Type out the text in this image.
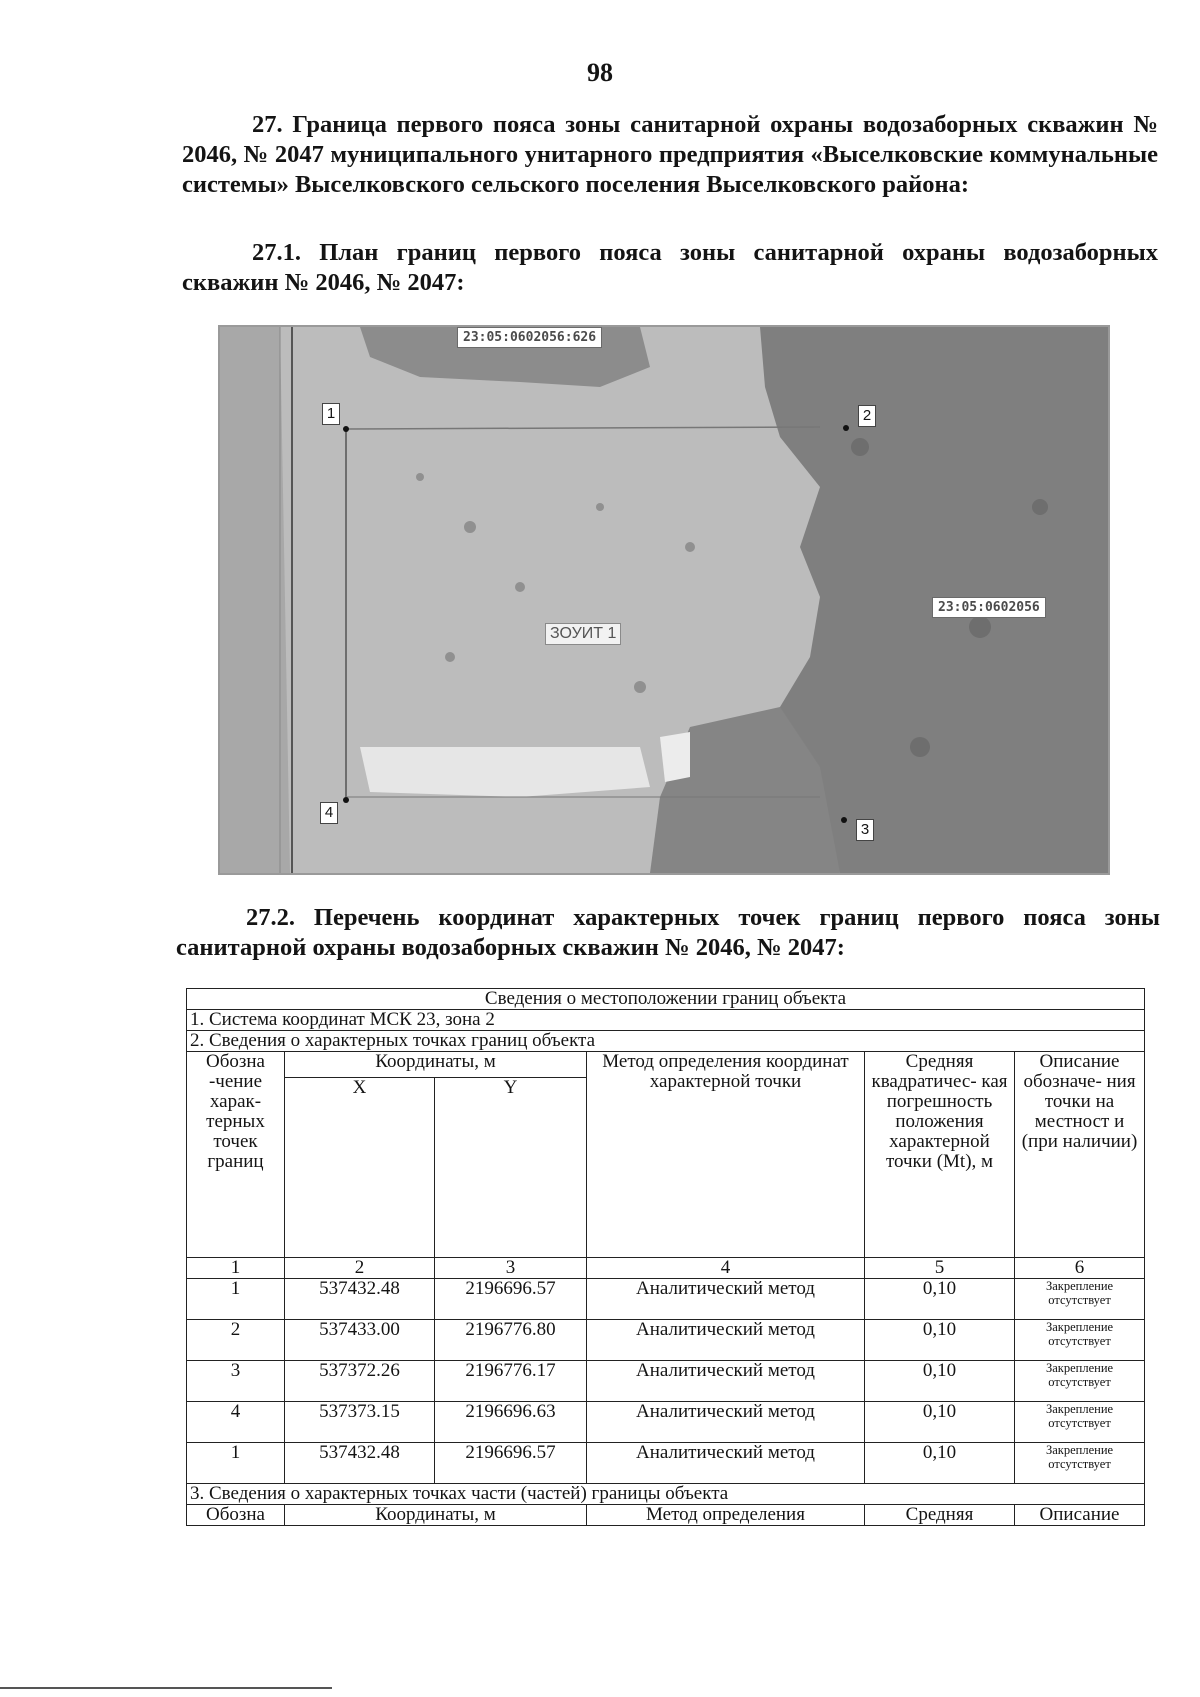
98

27. Граница первого пояса зоны санитарной охраны водозаборных скважин № 2046, № 2047 муниципального унитарного предприятия «Выселковские коммунальные системы» Выселковского сельского поселения Выселковского района:

27.1. План границ первого пояса зоны санитарной охраны водозаборных скважин № 2046, № 2047:

23:05:0602056:626
23:05:0602056
ЗОУИТ 1
1	2
3
4

27.2. Перечень координат характерных точек границ первого пояса зоны санитарной охраны водозаборных скважин № 2046, № 2047:

Сведения о местоположении границ объекта					
1. Система координат МСК 23, зона 2					
2. Сведения о характерных точках границ объекта					
Обозна -чение харак- терных точек границ	Координаты, м		Метод определения координат характерной точки	Средняя квадратичес- кая погрешность положения характерной точки (Mt), м	Описание обозначе- ния точки на местност и (при наличии)
	X	Y			
1	2	3	4	5	6
1	537432.48	2196696.57	Аналитический метод	0,10	Закрепление отсутствует
2	537433.00	2196776.80	Аналитический метод	0,10	Закрепление отсутствует
3	537372.26	2196776.17	Аналитический метод	0,10	Закрепление отсутствует
4	537373.15	2196696.63	Аналитический метод	0,10	Закрепление отсутствует
1	537432.48	2196696.57	Аналитический метод	0,10	Закрепление отсутствует
3. Сведения о характерных точках части (частей) границы объекта					
Обозна	Координаты, м		Метод определения	Средняя	Описание
